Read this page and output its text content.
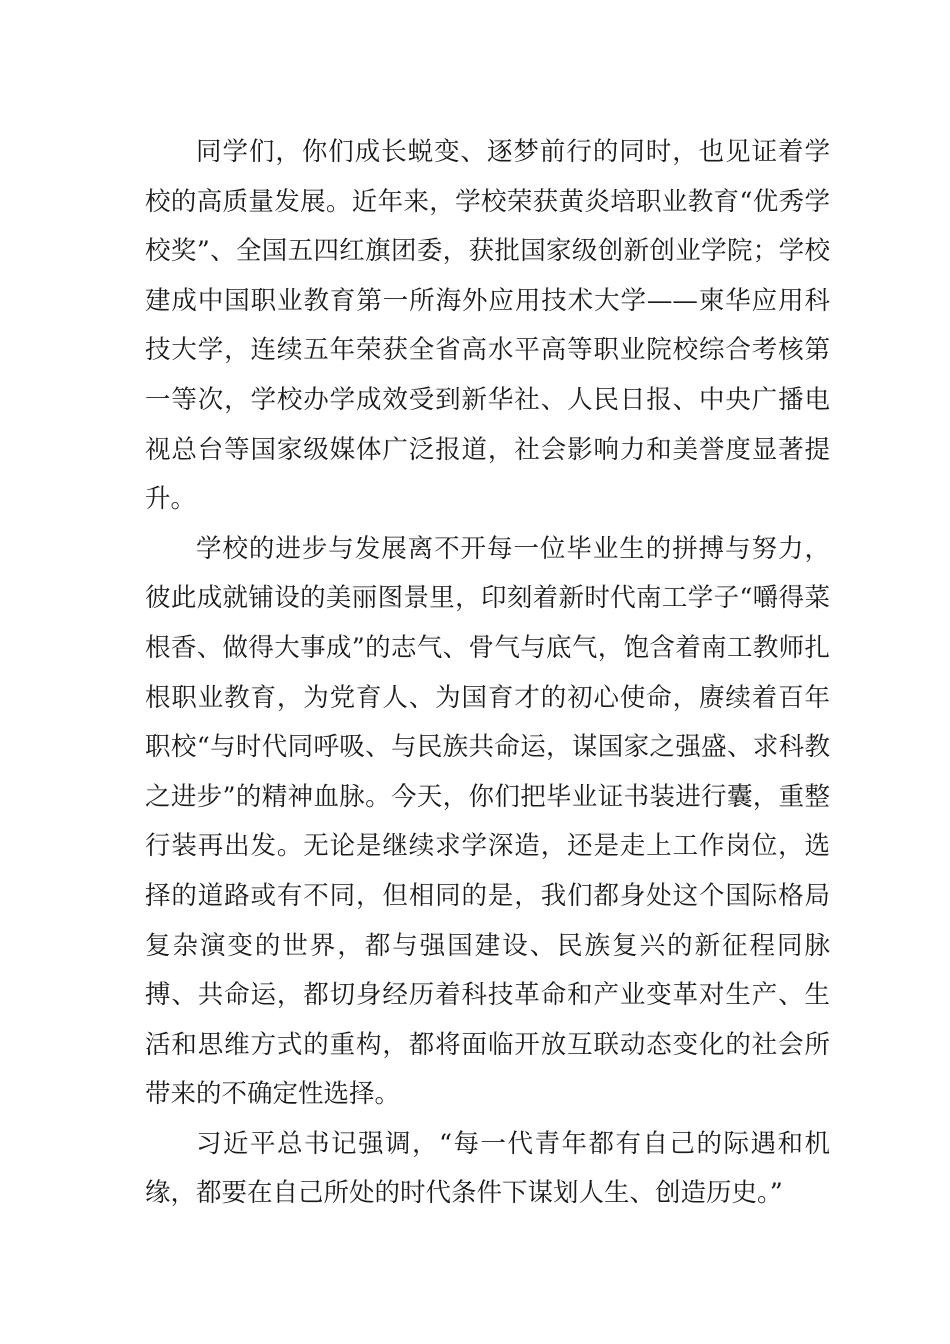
同学们，你们成长蜕变、逐梦前行的同时，也见证着学校的高质量发展。近年来，学校荣获黄炎培职业教育“优秀学校奖”、全国五四红旗团委，获批国家级创新创业学院；学校建成中国职业教育第一所海外应用技术大学——柬华应用科技大学，连续五年荣获全省高水平高等职业院校综合考核第一等次，学校办学成效受到新华社、人民日报、中央广播电视总台等国家级媒体广泛报道，社会影响力和美誉度显著提升。

学校的进步与发展离不开每一位毕业生的拼搏与努力，彼此成就铺设的美丽图景里，印刻着新时代南工学子“嚼得菜根香、做得大事成”的志气、骨气与底气，饱含着南工教师扎根职业教育，为党育人、为国育才的初心使命，赓续着百年职校“与时代同呼吸、与民族共命运，谋国家之强盛、求科教之进步”的精神血脉。今天，你们把毕业证书装进行囊，重整行装再出发。无论是继续求学深造，还是走上工作岗位，选择的道路或有不同，但相同的是，我们都身处这个国际格局复杂演变的世界，都与强国建设、民族复兴的新征程同脉搏、共命运，都切身经历着科技革命和产业变革对生产、生活和思维方式的重构，都将面临开放互联动态变化的社会所带来的不确定性选择。

习近平总书记强调，“每一代青年都有自己的际遇和机缘，都要在自己所处的时代条件下谋划人生、创造历史。”
